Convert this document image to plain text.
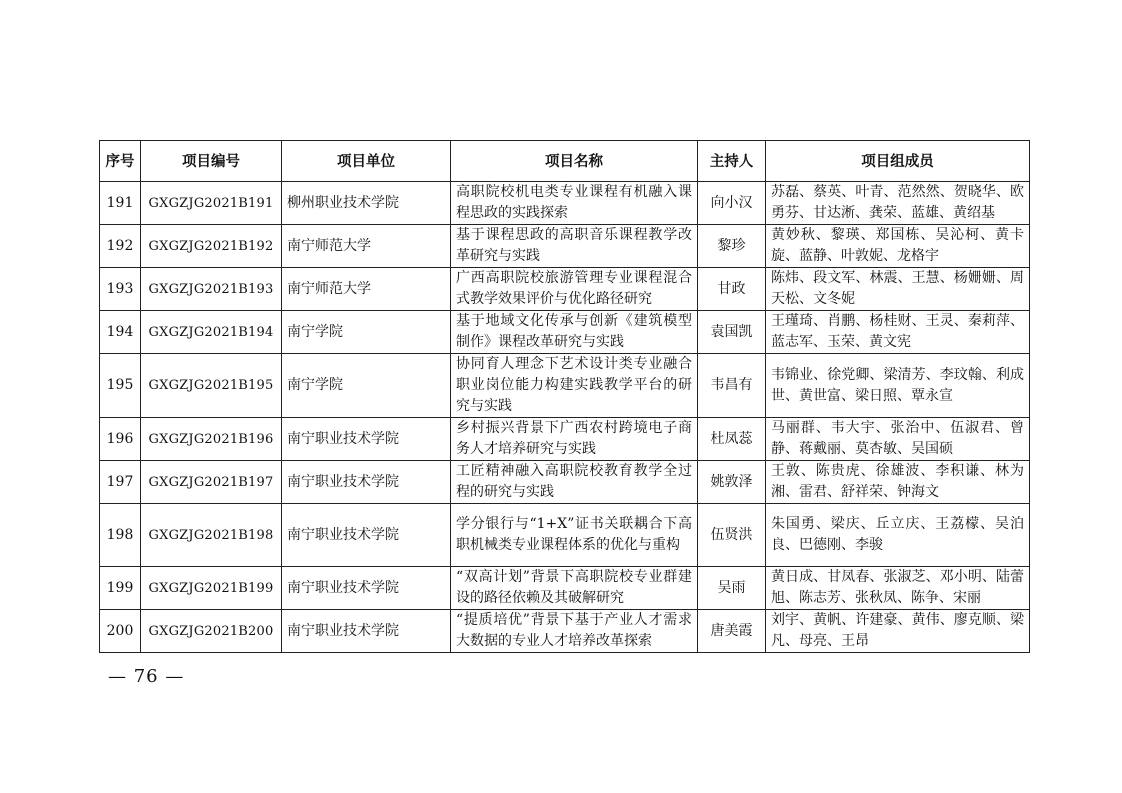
序号	项目编号	项目单位	项目名称	主持人	项目组成员
191	GXGZJG2021B191	柳州职业技术学院	高职院校机电类专业课程有机融入课程思政的实践探索	向小汉	苏磊、蔡英、叶青、范然然、贺晓华、欧勇芬、甘达淅、龚荣、蓝雄、黄绍基
192	GXGZJG2021B192	南宁师范大学	基于课程思政的高职音乐课程教学改革研究与实践	黎珍	黄妙秋、黎瑛、郑国栋、吴沁柯、黄卡旋、蓝静、叶敦妮、龙格宇
193	GXGZJG2021B193	南宁师范大学	广西高职院校旅游管理专业课程混合式教学效果评价与优化路径研究	甘政	陈炜、段文军、林震、王慧、杨姗姗、周天松、文冬妮
194	GXGZJG2021B194	南宁学院	基于地域文化传承与创新《建筑模型制作》课程改革研究与实践	袁国凯	王瑾琦、肖鹏、杨桂财、王灵、秦莉萍、蓝志军、玉荣、黄文宪
195	GXGZJG2021B195	南宁学院	协同育人理念下艺术设计类专业融合职业岗位能力构建实践教学平台的研究与实践	韦昌有	韦锦业、徐党卿、梁清芳、李玟翰、利成世、黄世富、梁日照、覃永宣
196	GXGZJG2021B196	南宁职业技术学院	乡村振兴背景下广西农村跨境电子商务人才培养研究与实践	杜凤蕊	马丽群、韦大宇、张治中、伍淑君、曾静、蒋戴丽、莫杏敏、吴国硕
197	GXGZJG2021B197	南宁职业技术学院	工匠精神融入高职院校教育教学全过程的研究与实践	姚敦泽	王敦、陈贵虎、徐雄波、李积谦、林为湘、雷君、舒祥荣、钟海文
198	GXGZJG2021B198	南宁职业技术学院	学分银行与“1+X”证书关联耦合下高职机械类专业课程体系的优化与重构	伍贤洪	朱国勇、梁庆、丘立庆、王荔檬、吴泊良、巴德刚、李骏
199	GXGZJG2021B199	南宁职业技术学院	“双高计划”背景下高职院校专业群建设的路径依赖及其破解研究	吴雨	黄日成、甘凤春、张淑芝、邓小明、陆蕾旭、陈志芳、张秋凤、陈争、宋丽
200	GXGZJG2021B200	南宁职业技术学院	“提质培优”背景下基于产业人才需求大数据的专业人才培养改革探索	唐美霞	刘宇、黄帆、许建豪、黄伟、廖克顺、梁凡、母亮、王昂
— 76 —
